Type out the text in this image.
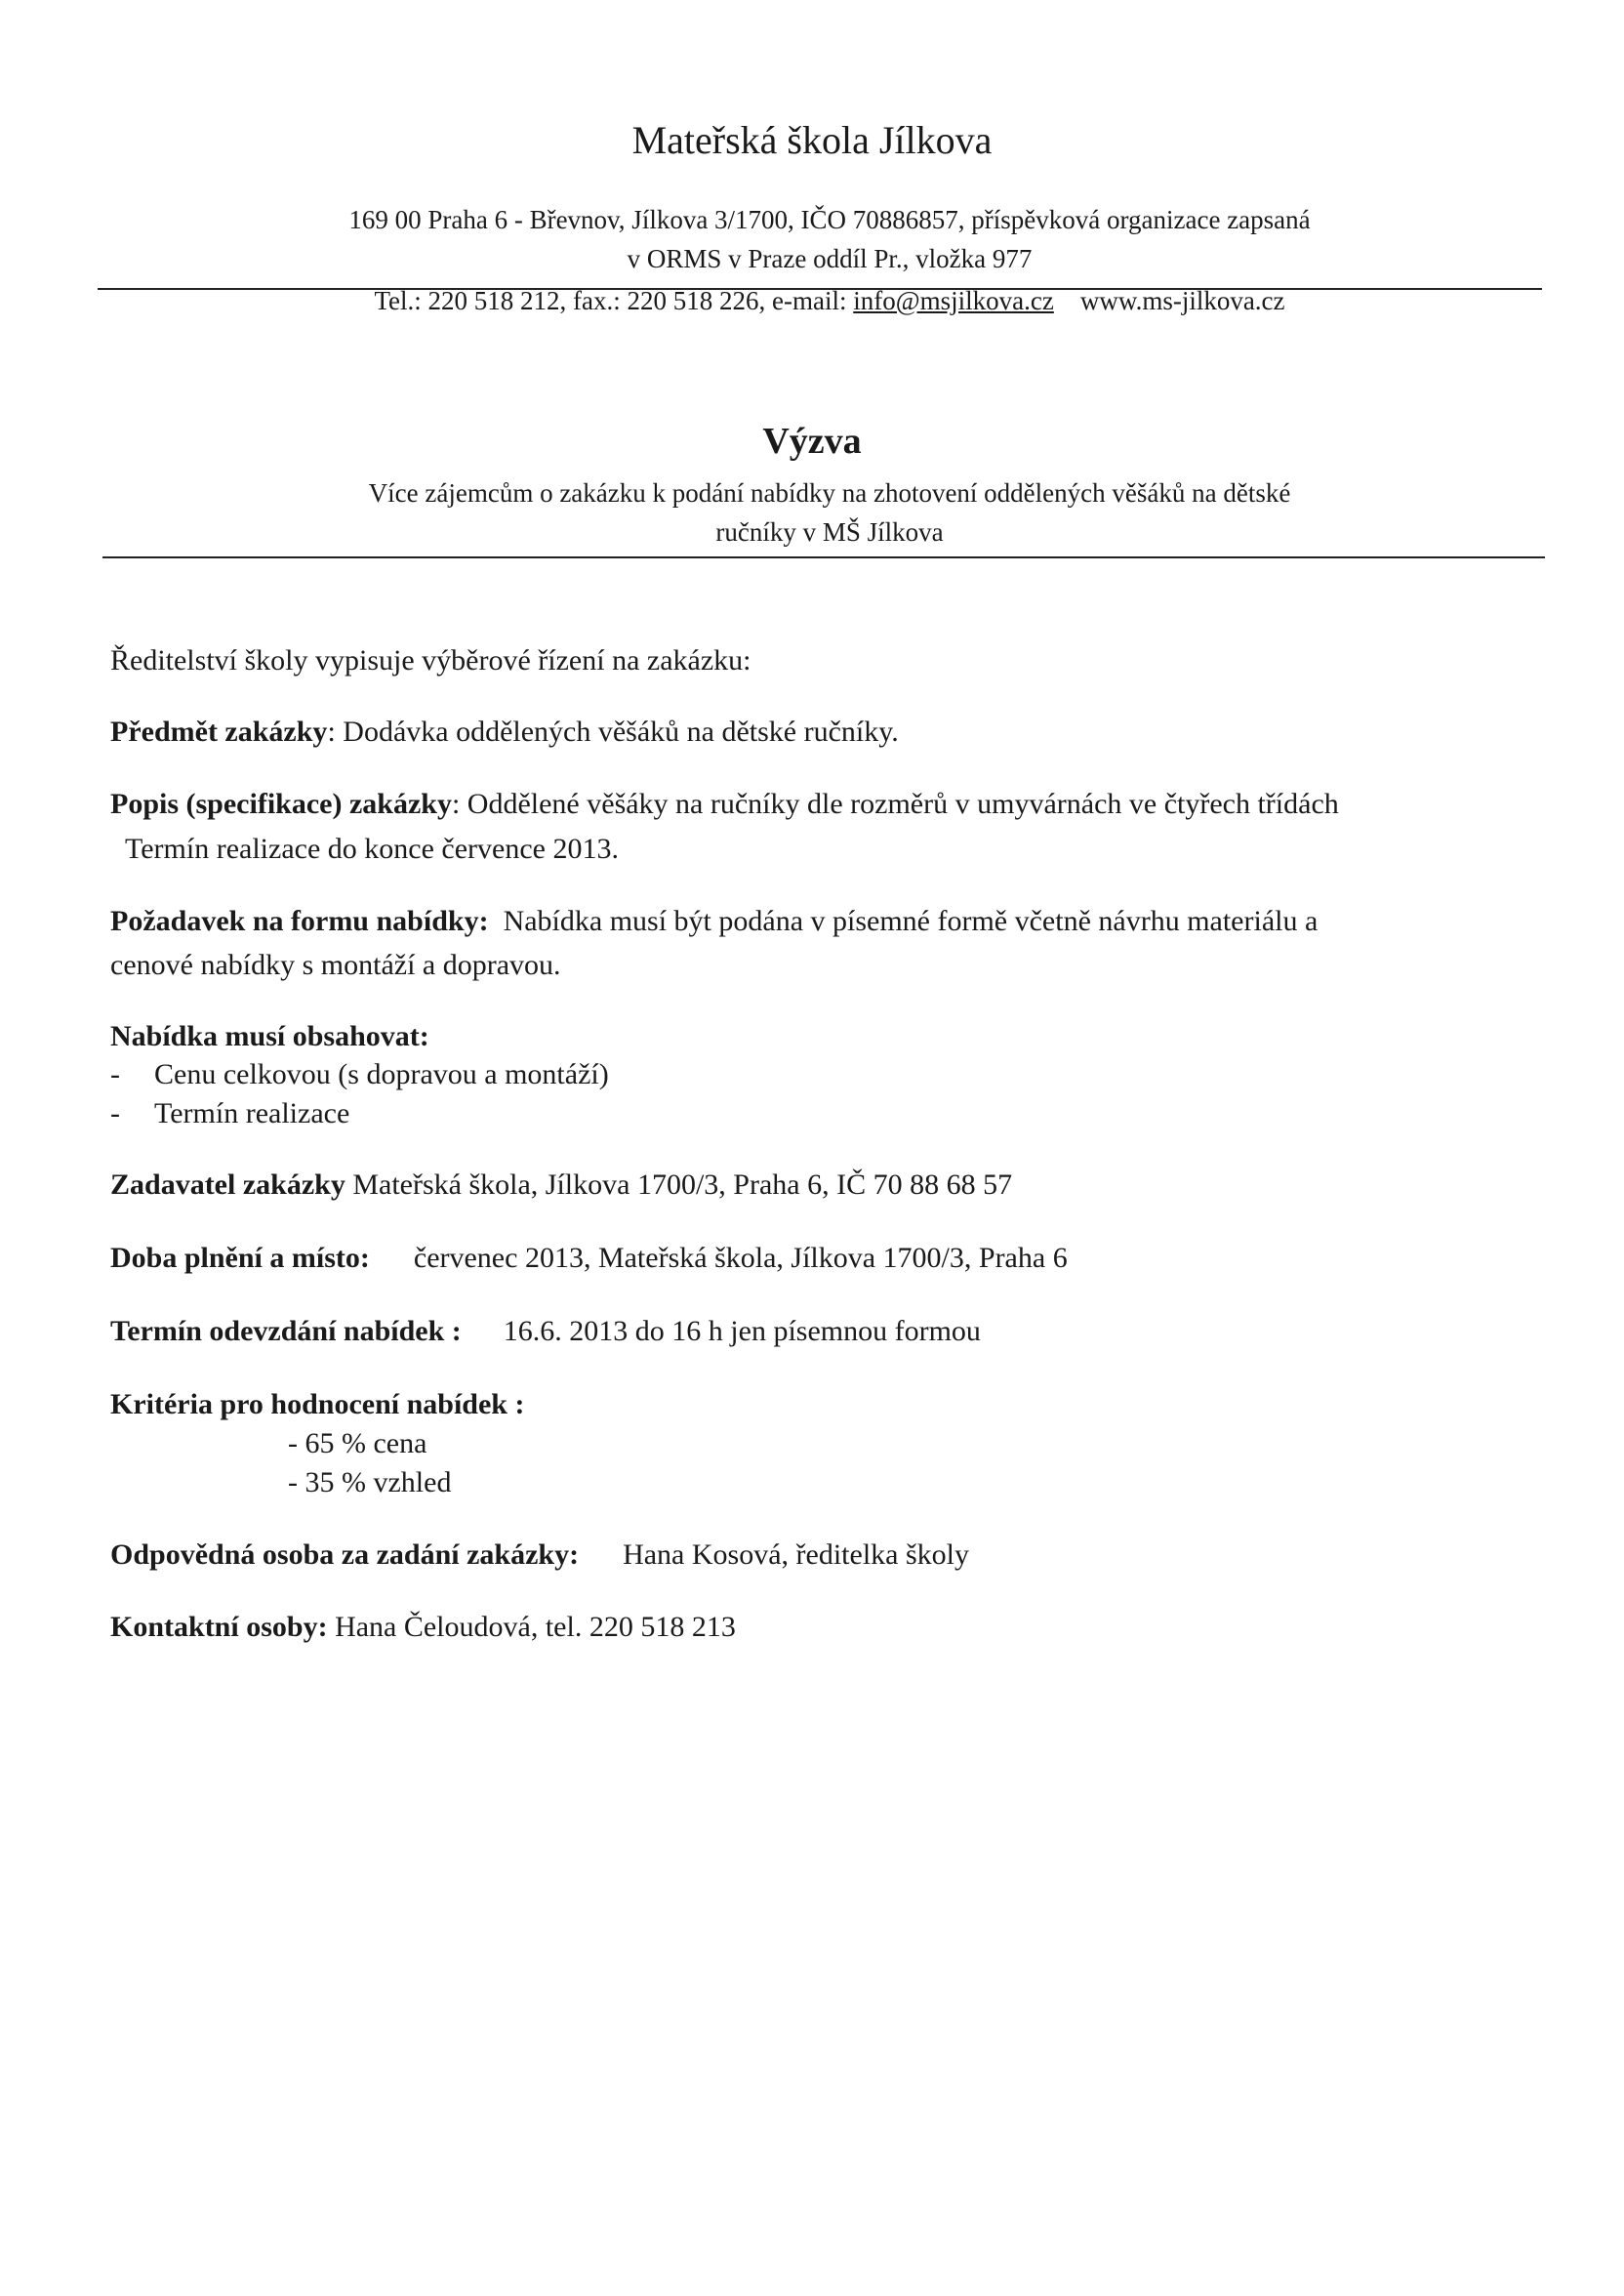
Mateřská škola Jílkova
169 00 Praha 6 - Břevnov, Jílkova 3/1700, IČO 70886857, příspěvková organizace zapsaná
v ORMS v Praze oddíl Pr., vložka 977
Tel.: 220 518 212, fax.: 220 518 226, e-mail: info@msjilkova.cz www.ms-jilkova.cz
Výzva
Více zájemcům o zakázku k podání nabídky na zhotovení oddělených věšáků na dětské
ručníky v MŠ Jílkova
Ředitelství školy vypisuje výběrové řízení na zakázku:
Předmět zakázky: Dodávka oddělených věšáků na dětské ručníky.
Popis (specifikace) zakázky: Oddělené věšáky na ručníky dle rozměrů v umyvárnách ve čtyřech třídách
Termín realizace do konce července 2013.
Požadavek na formu nabídky:  Nabídka musí být podána v písemné formě včetně návrhu materiálu a
cenové nabídky s montáží a dopravou.
Nabídka musí obsahovat:
- Cenu celkovou (s dopravou a montáží)
- Termín realizace
Zadavatel zakázky Mateřská škola, Jílkova 1700/3, Praha 6, IČ 70 88 68 57
Doba plnění a místo: červenec 2013, Mateřská škola, Jílkova 1700/3, Praha 6
Termín odevzdání nabídek : 16.6. 2013 do 16 h jen písemnou formou
Kritéria pro hodnocení nabídek :
- 65 % cena
- 35 % vzhled
Odpovědná osoba za zadání zakázky: Hana Kosová, ředitelka školy
Kontaktní osoby: Hana Čeloudová, tel. 220 518 213
